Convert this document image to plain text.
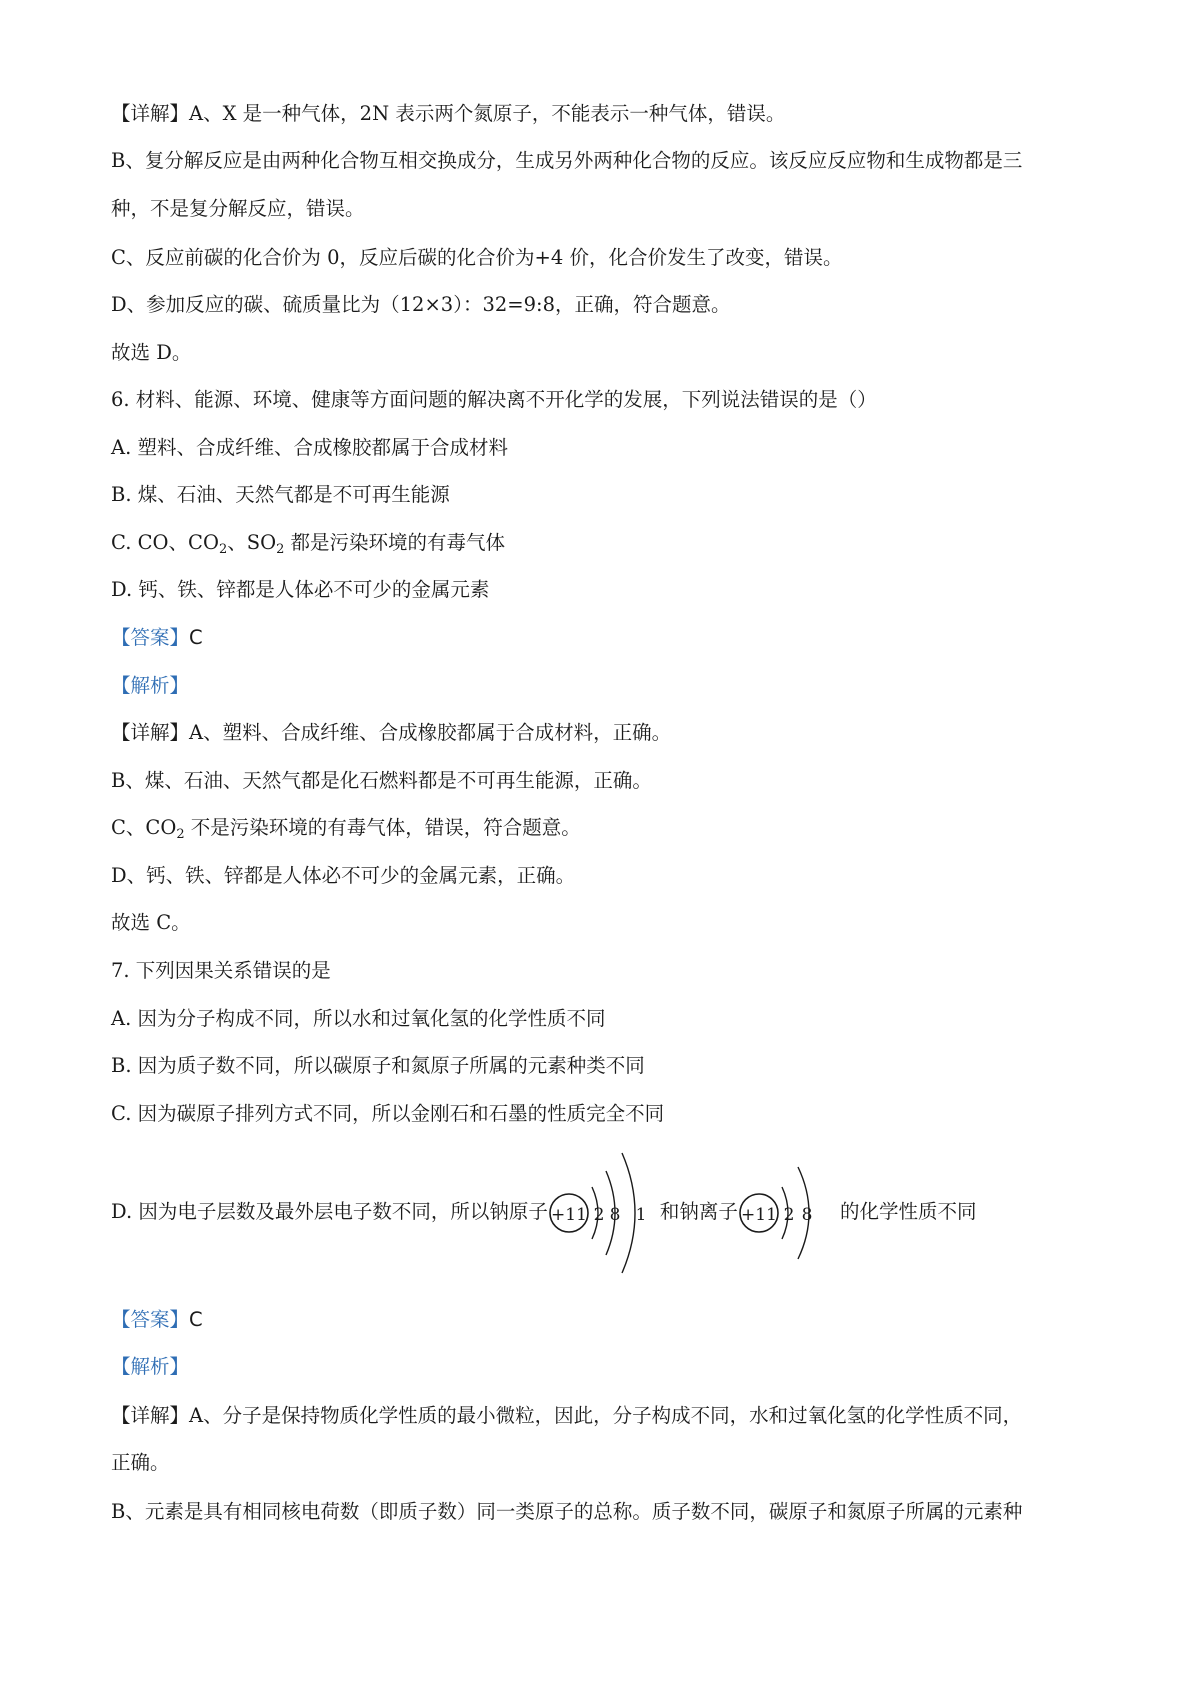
【详解】A、X 是一种气体，2N 表示两个氮原子，不能表示一种气体，错误。
B、复分解反应是由两种化合物互相交换成分，生成另外两种化合物的反应。该反应反应物和生成物都是三
种，不是复分解反应，错误。
C、反应前碳的化合价为 0，反应后碳的化合价为+4 价，化合价发生了改变，错误。
D、参加反应的碳、硫质量比为（12×3）：32=9:8，正确，符合题意。
故选 D。
6. 材料、能源、环境、健康等方面问题的解决离不开化学的发展，下列说法错误的是（）
A. 塑料、合成纤维、合成橡胶都属于合成材料
B. 煤、石油、天然气都是不可再生能源
C. CO、$CO_2$、$SO_2$ 都是污染环境的有毒气体
D. 钙、铁、锌都是人体必不可少的金属元素
【答案】C
【解析】
【详解】A、塑料、合成纤维、合成橡胶都属于合成材料，正确。
B、煤、石油、天然气都是化石燃料都是不可再生能源，正确。
C、$CO_2$ 不是污染环境的有毒气体，错误，符合题意。
D、钙、铁、锌都是人体必不可少的金属元素，正确。
故选 C。
7. 下列因果关系错误的是
A. 因为分子构成不同，所以水和过氧化氢的化学性质不同
B. 因为质子数不同，所以碳原子和氮原子所属的元素种类不同
C. 因为碳原子排列方式不同，所以金刚石和石墨的性质完全不同
D. 因为电子层数及最外层电子数不同，所以钠原子 +11 2 8 1 和钠离子 +11 2 8 的化学性质不同
【答案】C
【解析】
【详解】A、分子是保持物质化学性质的最小微粒，因此，分子构成不同，水和过氧化氢的化学性质不同，
正确。
B、元素是具有相同核电荷数（即质子数）同一类原子的总称。质子数不同，碳原子和氮原子所属的元素种
